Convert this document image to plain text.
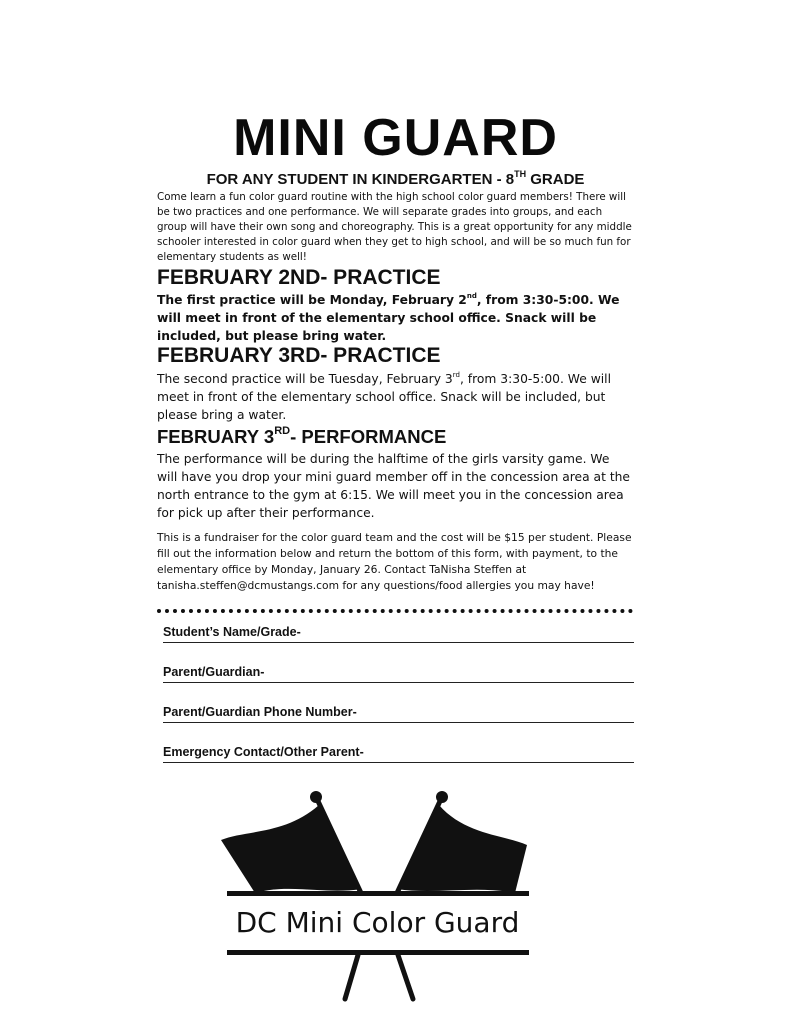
MINI GUARD
FOR ANY STUDENT IN KINDERGARTEN - 8TH GRADE
Come learn a fun color guard routine with the high school color guard members! There will be two practices and one performance. We will separate grades into groups, and each group will have their own song and choreography. This is a great opportunity for any middle schooler interested in color guard when they get to high school, and will be so much fun for elementary students as well!
FEBRUARY 2ND- PRACTICE
The first practice will be Monday, February 2nd, from 3:30-5:00. We will meet in front of the elementary school office. Snack will be included, but please bring water.
FEBRUARY 3RD- PRACTICE
The second practice will be Tuesday, February 3rd, from 3:30-5:00. We will meet in front of the elementary school office. Snack will be included, but please bring a water.
FEBRUARY 3RD- PERFORMANCE
The performance will be during the halftime of the girls varsity game. We will have you drop your mini guard member off in the concession area at the north entrance to the gym at 6:15. We will meet you in the concession area for pick up after their performance.
This is a fundraiser for the color guard team and the cost will be $15 per student. Please fill out the information below and return the bottom of this form, with payment, to the elementary office by Monday, January 26. Contact TaNisha Steffen at tanisha.steffen@dcmustangs.com for any questions/food allergies you may have!
Student’s Name/Grade-
Parent/Guardian-
Parent/Guardian Phone Number-
Emergency Contact/Other Parent-
DC Mini Color Guard
